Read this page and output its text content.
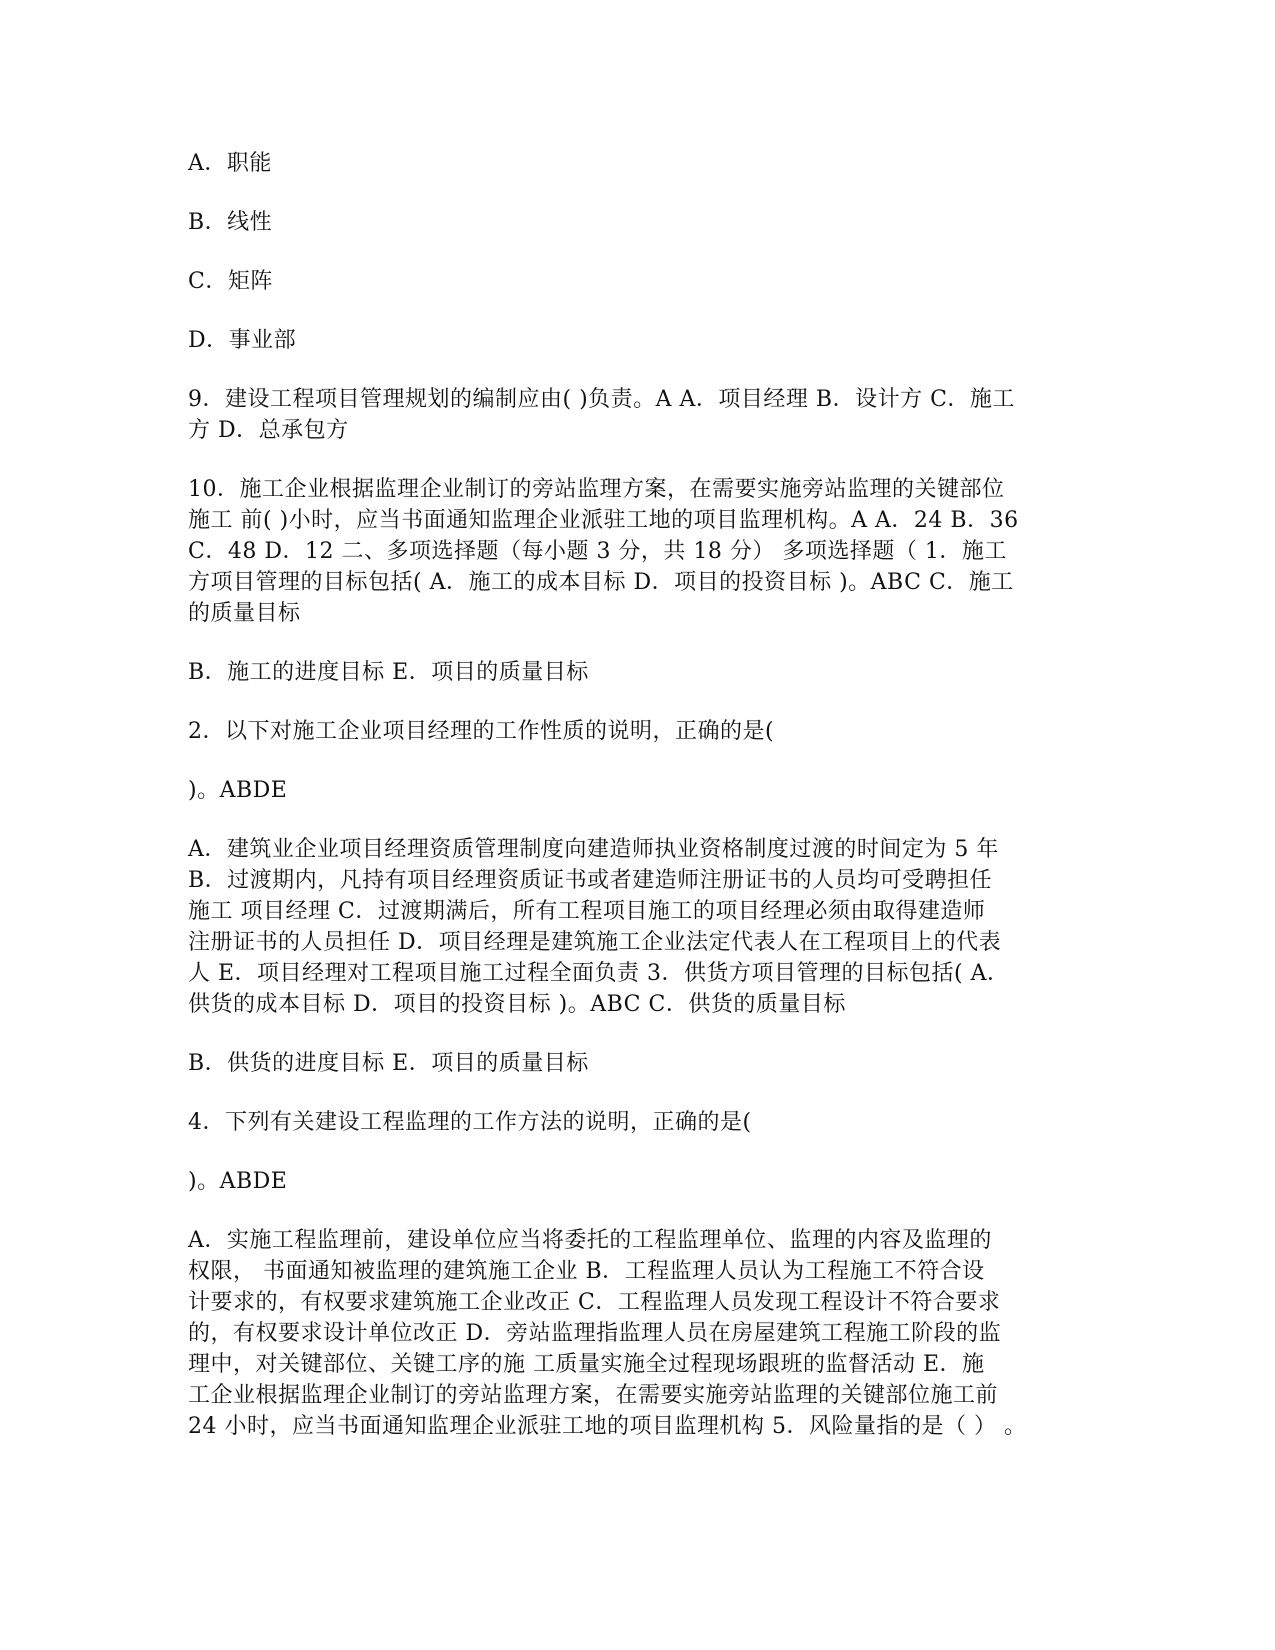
A．职能

B．线性

C．矩阵

D．事业部

9．建设工程项目管理规划的编制应由( )负责。A A．项目经理 B．设计方 C．施工
方 D．总承包方

10．施工企业根据监理企业制订的旁站监理方案，在需要实施旁站监理的关键部位
施工 前( )小时，应当书面通知监理企业派驻工地的项目监理机构。A A．24 B．36
C．48 D．12 二、多项选择题（每小题 3 分，共 18 分） 多项选择题（ 1．施工
方项目管理的目标包括( A．施工的成本目标 D．项目的投资目标 )。ABC C．施工
的质量目标

B．施工的进度目标 E．项目的质量目标

2．以下对施工企业项目经理的工作性质的说明，正确的是(

)。ABDE

A．建筑业企业项目经理资质管理制度向建造师执业资格制度过渡的时间定为 5 年
B．过渡期内，凡持有项目经理资质证书或者建造师注册证书的人员均可受聘担任
施工 项目经理 C．过渡期满后，所有工程项目施工的项目经理必须由取得建造师
注册证书的人员担任 D．项目经理是建筑施工企业法定代表人在工程项目上的代表
人 E．项目经理对工程项目施工过程全面负责 3．供货方项目管理的目标包括( A．
供货的成本目标 D．项目的投资目标 )。ABC C．供货的质量目标

B．供货的进度目标 E．项目的质量目标

4．下列有关建设工程监理的工作方法的说明，正确的是(

)。ABDE

A．实施工程监理前，建设单位应当将委托的工程监理单位、监理的内容及监理的
权限， 书面通知被监理的建筑施工企业 B．工程监理人员认为工程施工不符合设
计要求的，有权要求建筑施工企业改正 C．工程监理人员发现工程设计不符合要求
的，有权要求设计单位改正 D．旁站监理指监理人员在房屋建筑工程施工阶段的监
理中，对关键部位、关键工序的施 工质量实施全过程现场跟班的监督活动 E．施
工企业根据监理企业制订的旁站监理方案，在需要实施旁站监理的关键部位施工前
24 小时，应当书面通知监理企业派驻工地的项目监理机构 5．风险量指的是（ ） 。
